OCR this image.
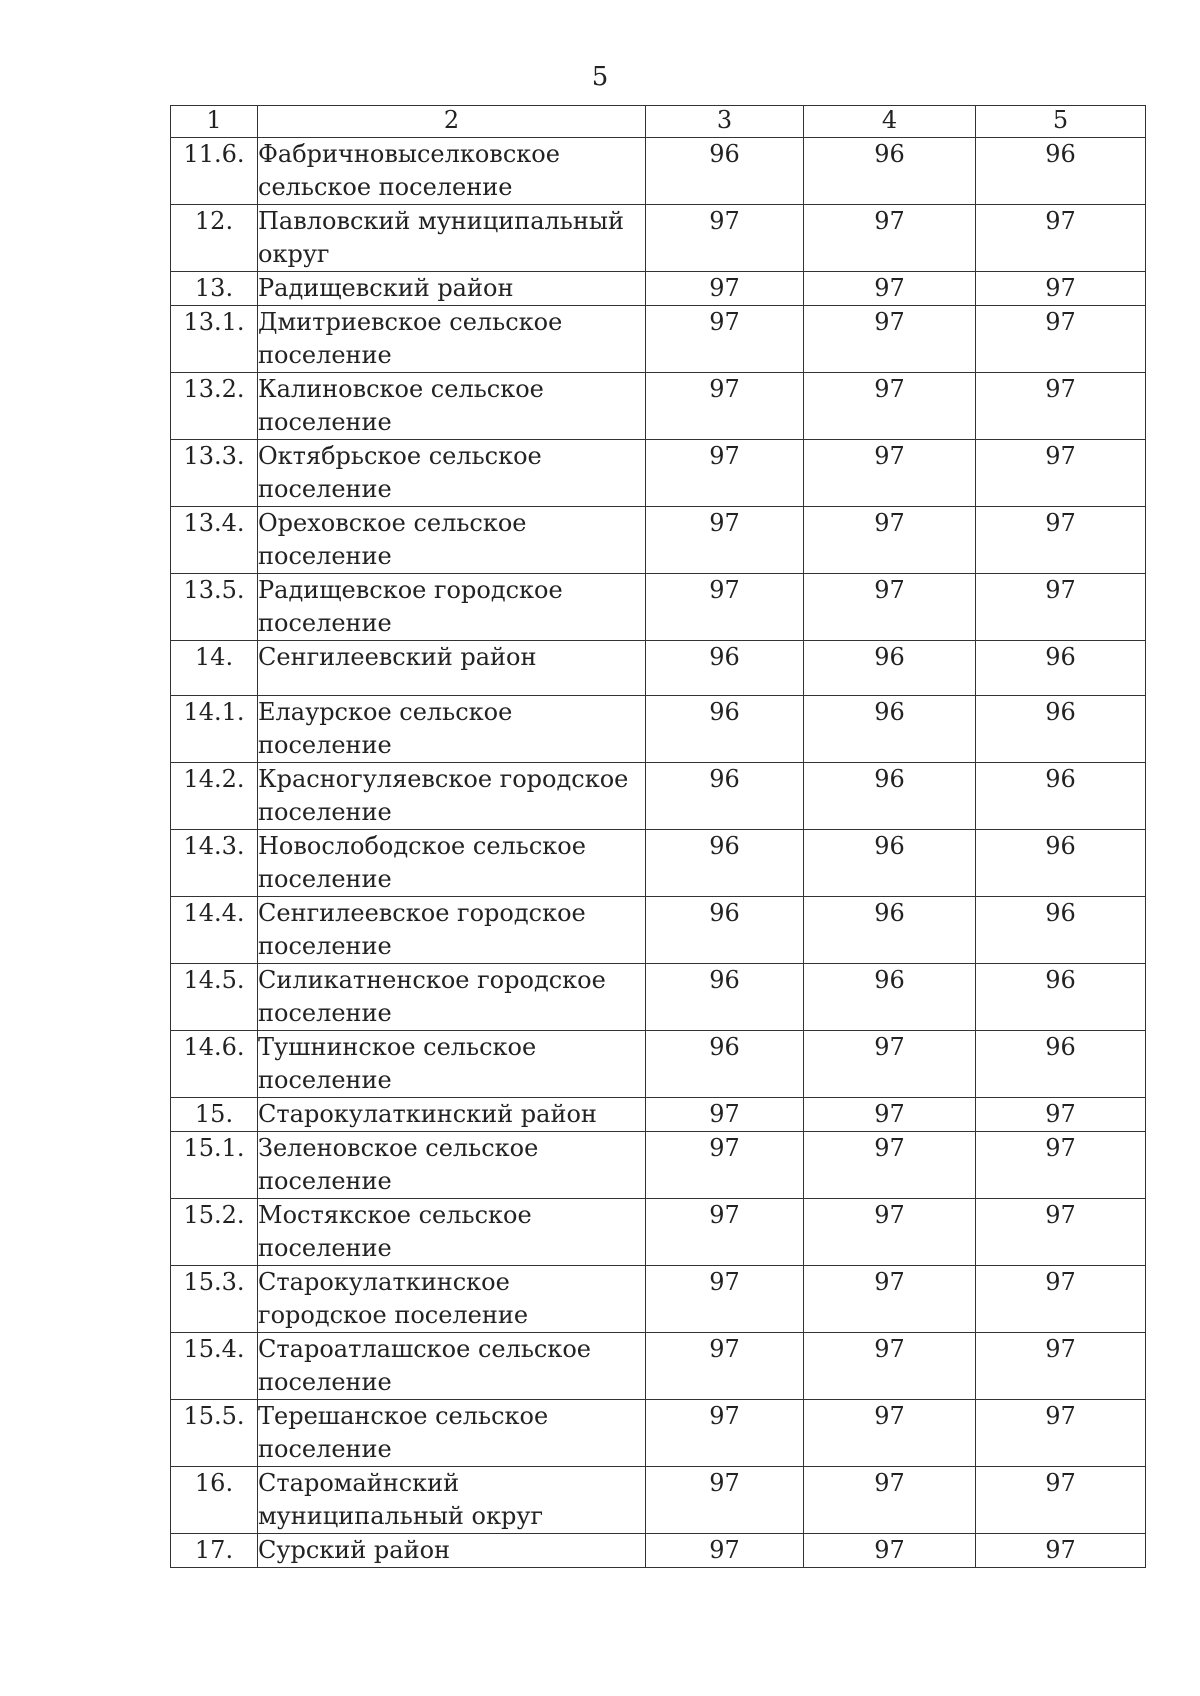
5
1	2	3	4	5
11.6.	Фабричновыселковское сельское поселение	96	96	96
12.	Павловский муниципальный округ	97	97	97
13.	Радищевский район	97	97	97
13.1.	Дмитриевское сельское поселение	97	97	97
13.2.	Калиновское сельское поселение	97	97	97
13.3.	Октябрьское сельское поселение	97	97	97
13.4.	Ореховское сельское поселение	97	97	97
13.5.	Радищевское городское поселение	97	97	97
14.	Сенгилеевский район	96	96	96
14.1.	Елаурское сельское поселение	96	96	96
14.2.	Красногуляевское городское поселение	96	96	96
14.3.	Новослободское сельское поселение	96	96	96
14.4.	Сенгилеевское городское поселение	96	96	96
14.5.	Силикатненское городское поселение	96	96	96
14.6.	Тушнинское сельское поселение	96	97	96
15.	Старокулаткинский район	97	97	97
15.1.	Зеленовское сельское поселение	97	97	97
15.2.	Мостякское сельское поселение	97	97	97
15.3.	Старокулаткинское городское поселение	97	97	97
15.4.	Староатлашское сельское поселение	97	97	97
15.5.	Терешанское сельское поселение	97	97	97
16.	Старомайнский муниципальный округ	97	97	97
17.	Сурский район	97	97	97
